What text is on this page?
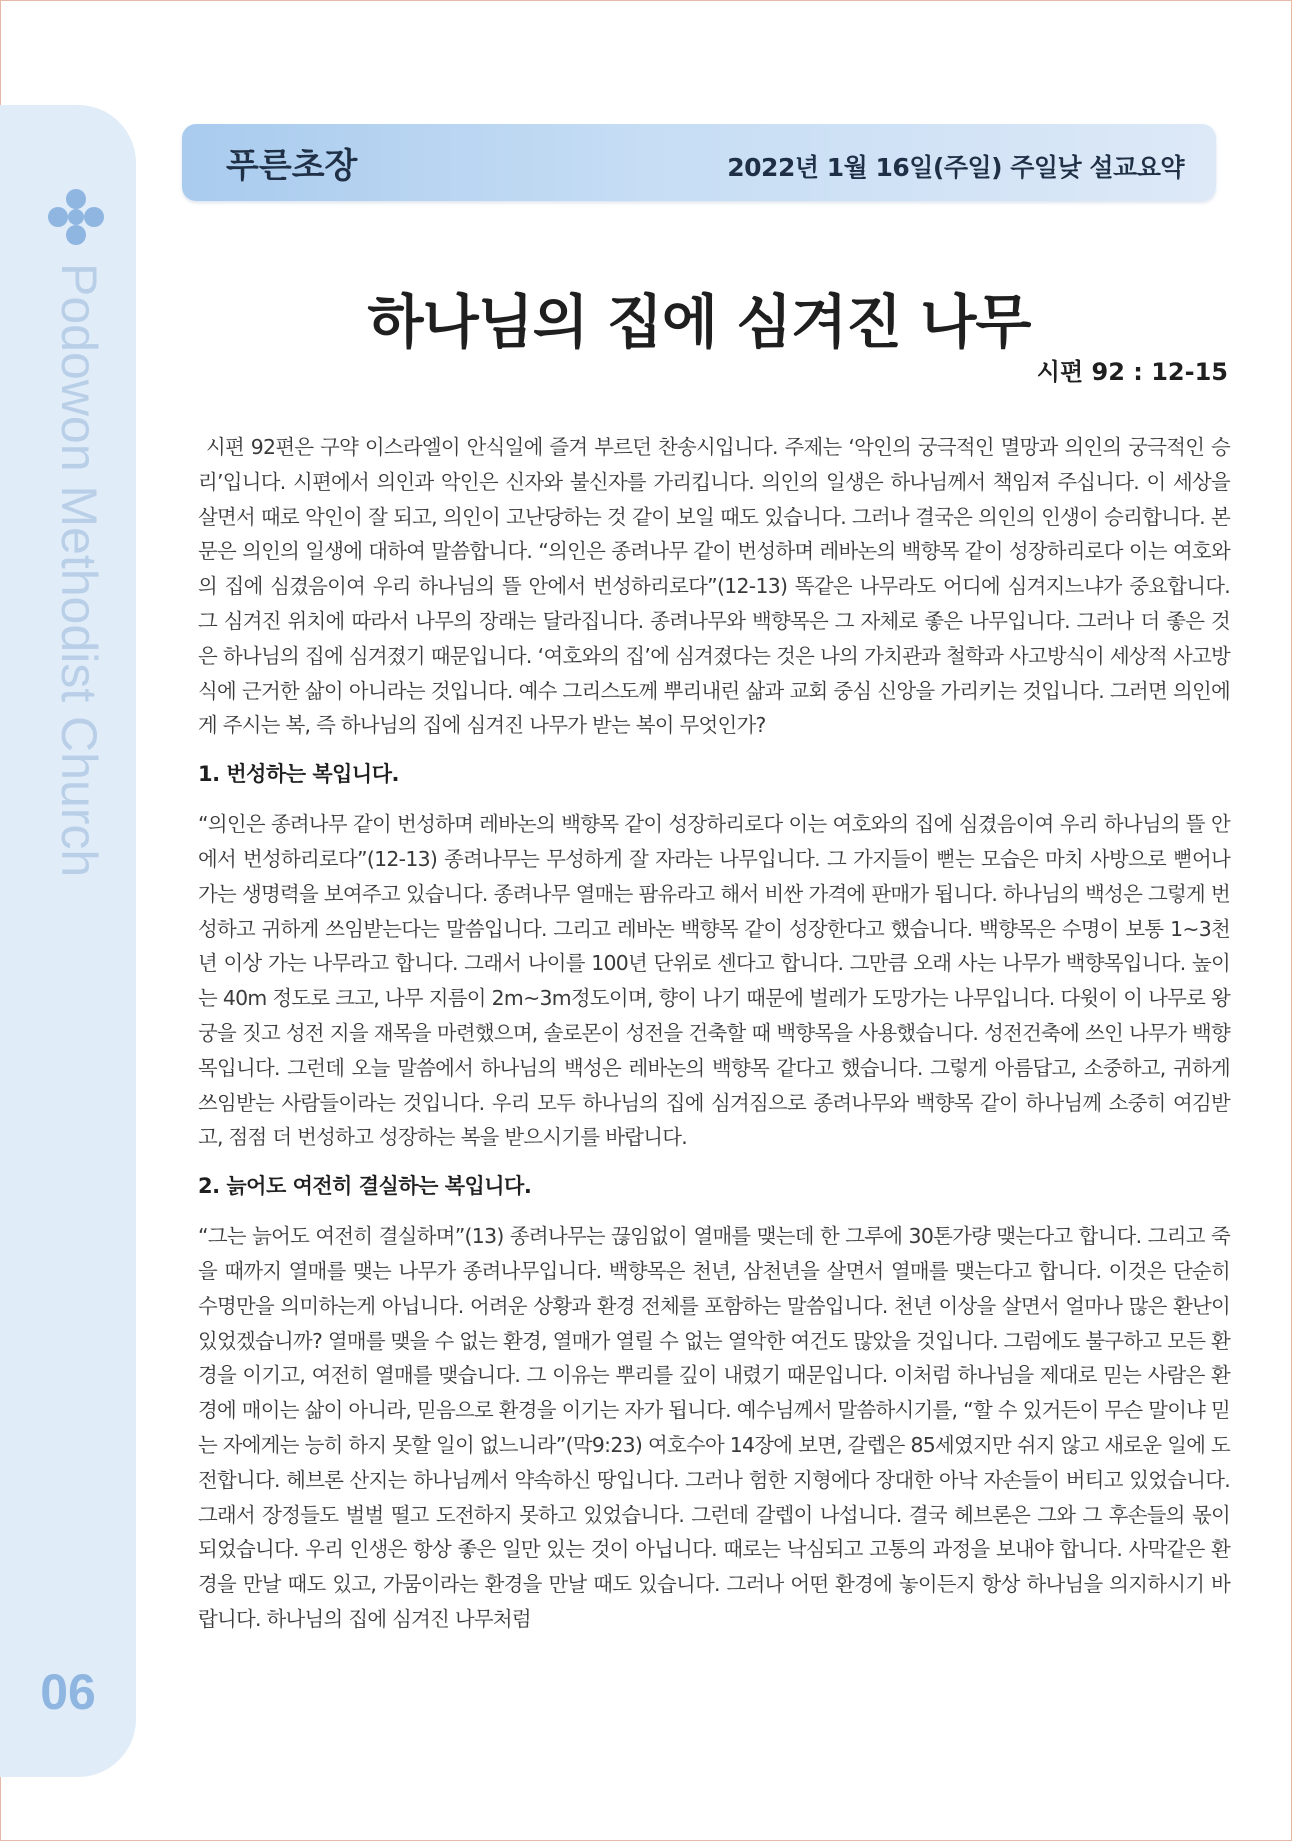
Podowon Methodist Church
06
푸른초장	2022년 1월 16일(주일) 주일낮 설교요약
하나님의 집에 심겨진 나무
시편 92 : 12-15

시편 92편은 구약 이스라엘이 안식일에 즐겨 부르던 찬송시입니다. 주제는 ‘악인의 궁극적인 멸망과 의인의 궁극적인 승리’입니다. 시편에서 의인과 악인은 신자와 불신자를 가리킵니다. 의인의 일생은 하나님께서 책임져 주십니다. 이 세상을 살면서 때로 악인이 잘 되고, 의인이 고난당하는 것 같이 보일 때도 있습니다. 그러나 결국은 의인의 인생이 승리합니다. 본문은 의인의 일생에 대하여 말씀합니다. “의인은 종려나무 같이 번성하며 레바논의 백향목 같이 성장하리로다 이는 여호와의 집에 심겼음이여 우리 하나님의 뜰 안에서 번성하리로다”(12-13) 똑같은 나무라도 어디에 심겨지느냐가 중요합니다. 그 심겨진 위치에 따라서 나무의 장래는 달라집니다. 종려나무와 백향목은 그 자체로 좋은 나무입니다. 그러나 더 좋은 것은 하나님의 집에 심겨졌기 때문입니다. ‘여호와의 집’에 심겨졌다는 것은 나의 가치관과 철학과 사고방식이 세상적 사고방식에 근거한 삶이 아니라는 것입니다. 예수 그리스도께 뿌리내린 삶과 교회 중심 신앙을 가리키는 것입니다. 그러면 의인에게 주시는 복, 즉 하나님의 집에 심겨진 나무가 받는 복이 무엇인가?

1. 번성하는 복입니다.

“의인은 종려나무 같이 번성하며 레바논의 백향목 같이 성장하리로다 이는 여호와의 집에 심겼음이여 우리 하나님의 뜰 안에서 번성하리로다”(12-13) 종려나무는 무성하게 잘 자라는 나무입니다. 그 가지들이 뻗는 모습은 마치 사방으로 뻗어나가는 생명력을 보여주고 있습니다. 종려나무 열매는 팜유라고 해서 비싼 가격에 판매가 됩니다. 하나님의 백성은 그렇게 번성하고 귀하게 쓰임받는다는 말씀입니다. 그리고 레바논 백향목 같이 성장한다고 했습니다. 백향목은 수명이 보통 1~3천년 이상 가는 나무라고 합니다. 그래서 나이를 100년 단위로 센다고 합니다. 그만큼 오래 사는 나무가 백향목입니다. 높이는 40m 정도로 크고, 나무 지름이 2m~3m정도이며, 향이 나기 때문에 벌레가 도망가는 나무입니다. 다윗이 이 나무로 왕궁을 짓고 성전 지을 재목을 마련했으며, 솔로몬이 성전을 건축할 때 백향목을 사용했습니다. 성전건축에 쓰인 나무가 백향목입니다. 그런데 오늘 말씀에서 하나님의 백성은 레바논의 백향목 같다고 했습니다. 그렇게 아름답고, 소중하고, 귀하게 쓰임받는 사람들이라는 것입니다. 우리 모두 하나님의 집에 심겨짐으로 종려나무와 백향목 같이 하나님께 소중히 여김받고, 점점 더 번성하고 성장하는 복을 받으시기를 바랍니다.

2. 늙어도 여전히 결실하는 복입니다.

“그는 늙어도 여전히 결실하며”(13) 종려나무는 끊임없이 열매를 맺는데 한 그루에 30톤가량 맺는다고 합니다. 그리고 죽을 때까지 열매를 맺는 나무가 종려나무입니다. 백향목은 천년, 삼천년을 살면서 열매를 맺는다고 합니다. 이것은 단순히 수명만을 의미하는게 아닙니다. 어려운 상황과 환경 전체를 포함하는 말씀입니다. 천년 이상을 살면서 얼마나 많은 환난이 있었겠습니까? 열매를 맺을 수 없는 환경, 열매가 열릴 수 없는 열악한 여건도 많았을 것입니다. 그럼에도 불구하고 모든 환경을 이기고, 여전히 열매를 맺습니다. 그 이유는 뿌리를 깊이 내렸기 때문입니다. 이처럼 하나님을 제대로 믿는 사람은 환경에 매이는 삶이 아니라, 믿음으로 환경을 이기는 자가 됩니다. 예수님께서 말씀하시기를, “할 수 있거든이 무슨 말이냐 믿는 자에게는 능히 하지 못할 일이 없느니라”(막9:23) 여호수아 14장에 보면, 갈렙은 85세였지만 쉬지 않고 새로운 일에 도전합니다. 헤브론 산지는 하나님께서 약속하신 땅입니다. 그러나 험한 지형에다 장대한 아낙 자손들이 버티고 있었습니다. 그래서 장정들도 벌벌 떨고 도전하지 못하고 있었습니다. 그런데 갈렙이 나섭니다. 결국 헤브론은 그와 그 후손들의 몫이 되었습니다. 우리 인생은 항상 좋은 일만 있는 것이 아닙니다. 때로는 낙심되고 고통의 과정을 보내야 합니다. 사막같은 환경을 만날 때도 있고, 가뭄이라는 환경을 만날 때도 있습니다. 그러나 어떤 환경에 놓이든지 항상 하나님을 의지하시기 바랍니다. 하나님의 집에 심겨진 나무처럼
